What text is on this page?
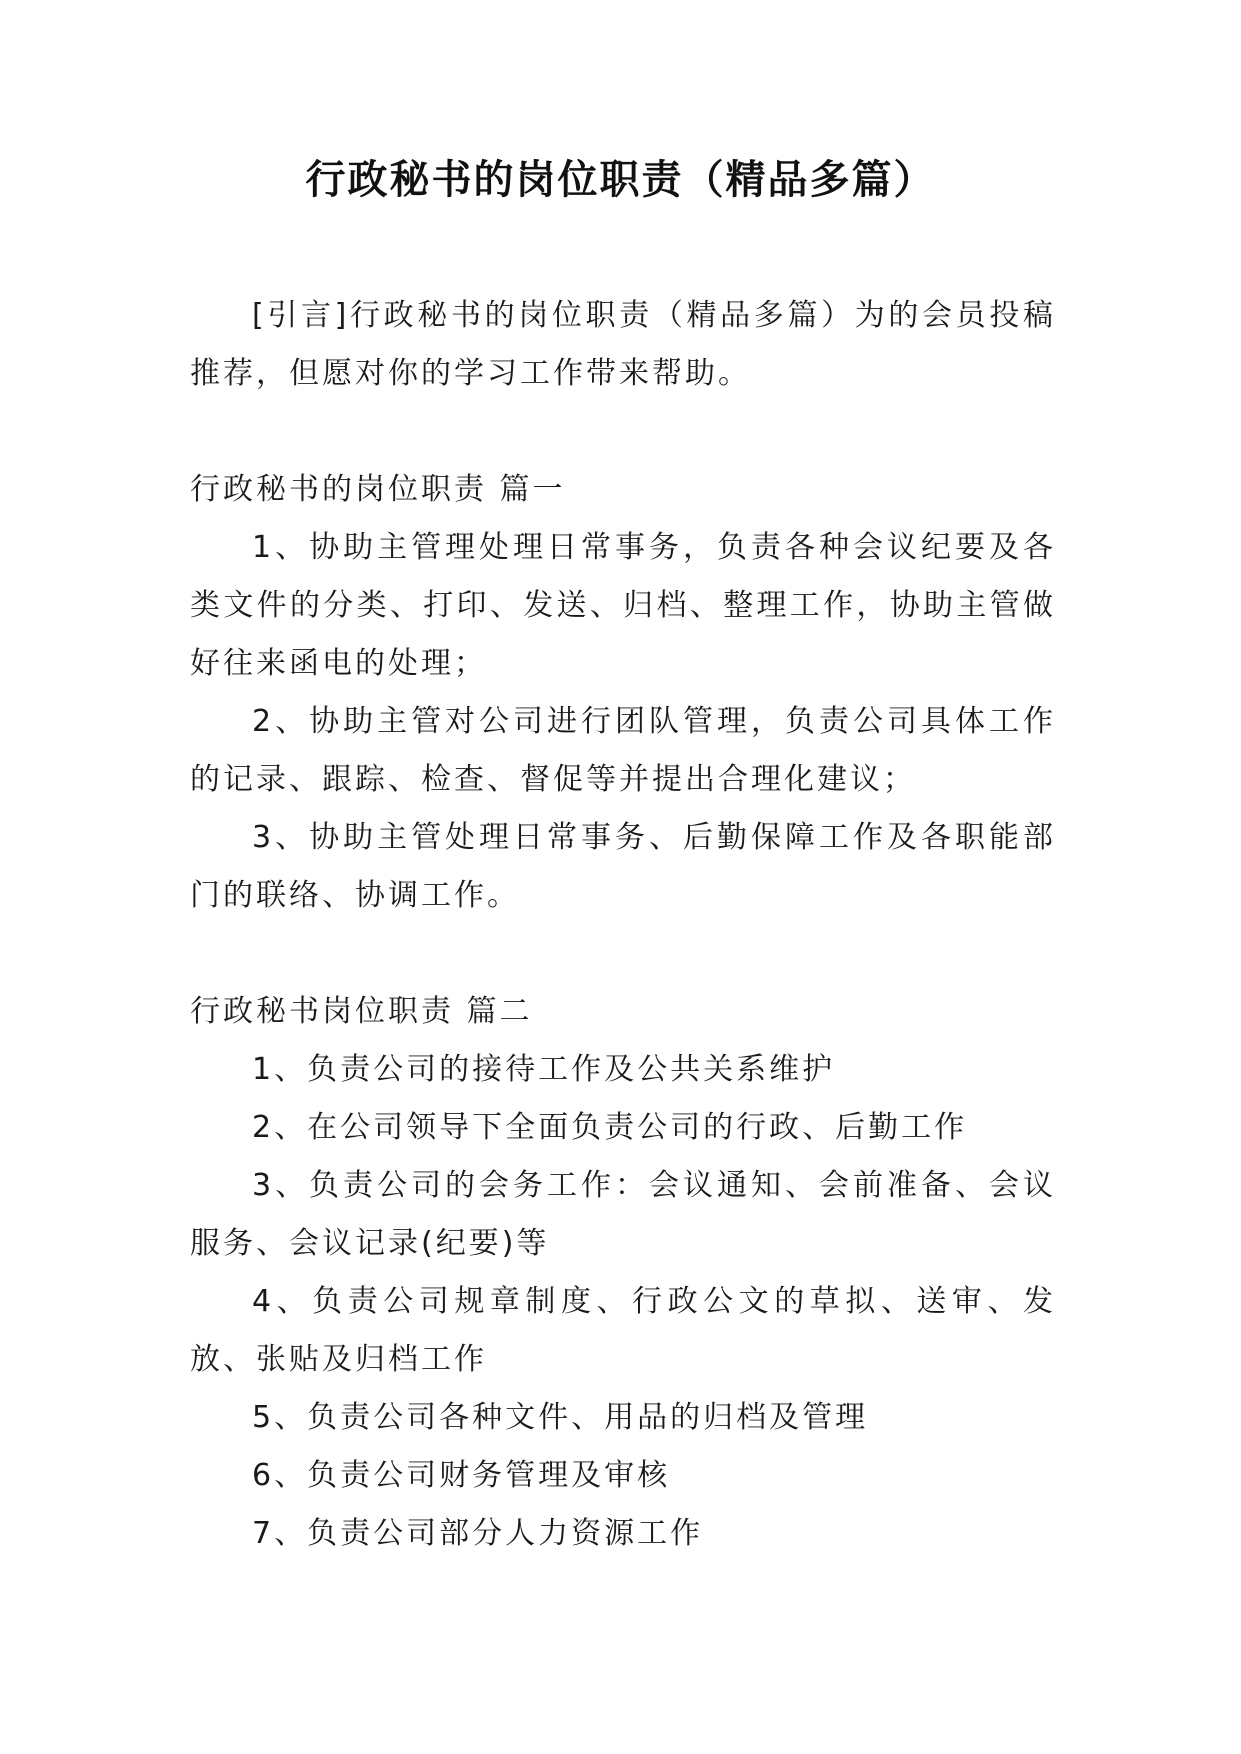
行政秘书的岗位职责（精品多篇）

[引言]行政秘书的岗位职责（精品多篇）为的会员投稿推荐，但愿对你的学习工作带来帮助。

行政秘书的岗位职责 篇一

1、协助主管理处理日常事务，负责各种会议纪要及各类文件的分类、打印、发送、归档、整理工作，协助主管做好往来函电的处理；

2、协助主管对公司进行团队管理，负责公司具体工作的记录、跟踪、检查、督促等并提出合理化建议；

3、协助主管处理日常事务、后勤保障工作及各职能部门的联络、协调工作。

行政秘书岗位职责 篇二

1、负责公司的接待工作及公共关系维护

2、在公司领导下全面负责公司的行政、后勤工作

3、负责公司的会务工作：会议通知、会前准备、会议服务、会议记录(纪要)等

4、负责公司规章制度、行政公文的草拟、送审、发放、张贴及归档工作

5、负责公司各种文件、用品的归档及管理

6、负责公司财务管理及审核

7、负责公司部分人力资源工作
